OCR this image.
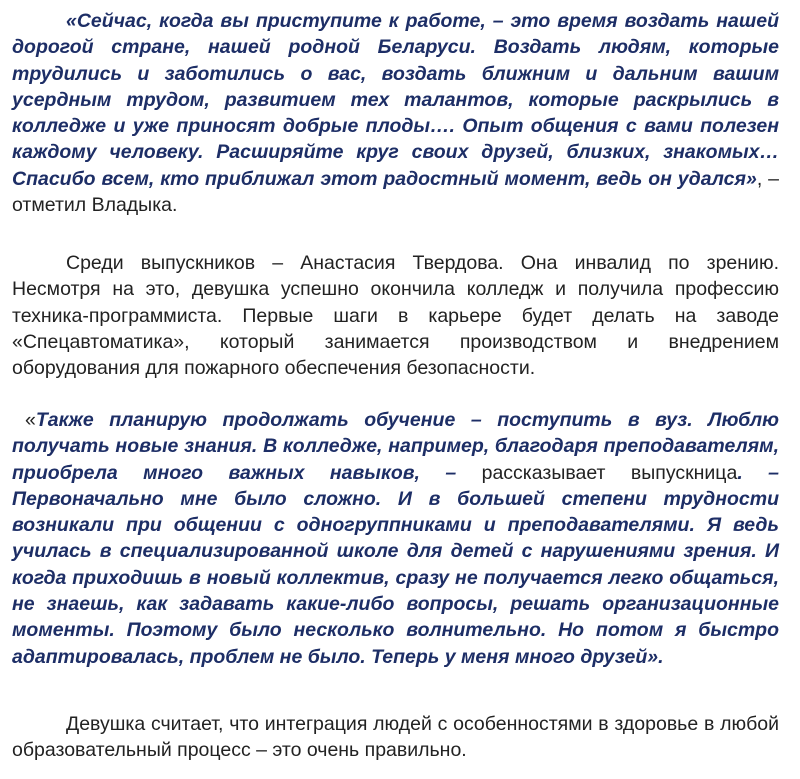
«Сейчас, когда вы приступите к работе, – это время воздать нашей дорогой стране, нашей родной Беларуси. Воздать людям, которые трудились и заботились о вас, воздать ближним и дальним вашим усердным трудом, развитием тех талантов, которые раскрылись в колледже и уже приносят добрые плоды…. Опыт общения с вами полезен каждому человеку. Расширяйте круг своих друзей, близких, знакомых… Спасибо всем, кто приближал этот радостный момент, ведь он удался», – отметил Владыка.

Среди выпускников – Анастасия Твердова. Она инвалид по зрению. Несмотря на это, девушка успешно окончила колледж и получила профессию техника-программиста. Первые шаги в карьере будет делать на заводе «Спецавтоматика», который занимается производством и внедрением оборудования для пожарного обеспечения безопасности.

«Также планирую продолжать обучение – поступить в вуз. Люблю получать новые знания. В колледже, например, благодаря преподавателям, приобрела много важных навыков, – рассказывает выпускница. – Первоначально мне было сложно. И в большей степени трудности возникали при общении с одногруппниками и преподавателями. Я ведь училась в специализированной школе для детей с нарушениями зрения. И когда приходишь в новый коллектив, сразу не получается легко общаться, не знаешь, как задавать какие-либо вопросы, решать организационные моменты. Поэтому было несколько волнительно. Но потом я быстро адаптировалась, проблем не было. Теперь у меня много друзей».

Девушка считает, что интеграция людей с особенностями в здоровье в любой образовательный процесс – это очень правильно.
